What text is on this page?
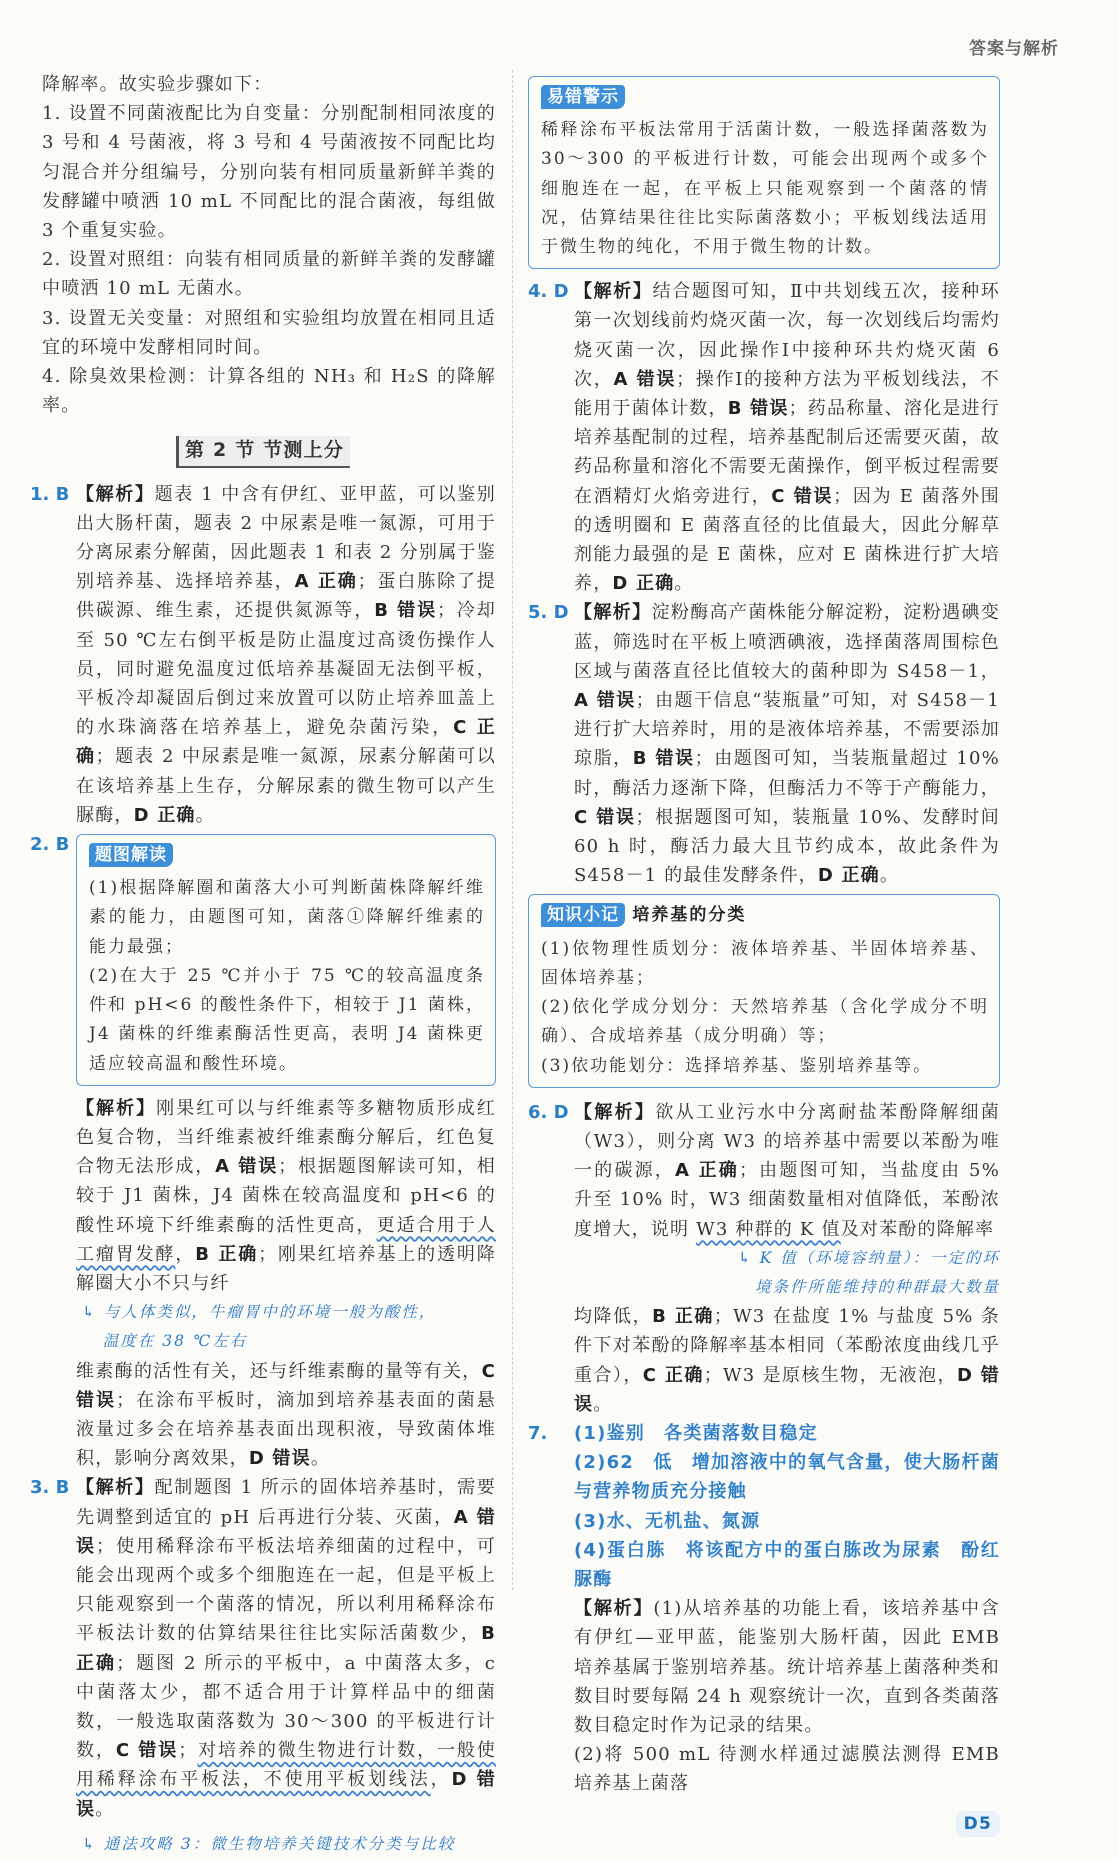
答案与解析

降解率。故实验步骤如下：

1. 设置不同菌液配比为自变量：分别配制相同浓度的 3 号和 4 号菌液，将 3 号和 4 号菌液按不同配比均匀混合并分组编号，分别向装有相同质量新鲜羊粪的发酵罐中喷洒 10 mL 不同配比的混合菌液，每组做 3 个重复实验。

2. 设置对照组：向装有相同质量的新鲜羊粪的发酵罐中喷洒 10 mL 无菌水。

3. 设置无关变量：对照组和实验组均放置在相同且适宜的环境中发酵相同时间。

4. 除臭效果检测：计算各组的 NH₃ 和 H₂S 的降解率。

第 2 节 节测上分
1. B 【解析】题表 1 中含有伊红、亚甲蓝，可以鉴别出大肠杆菌，题表 2 中尿素是唯一氮源，可用于分离尿素分解菌，因此题表 1 和表 2 分别属于鉴别培养基、选择培养基，A 正确；蛋白胨除了提供碳源、维生素，还提供氮源等，B 错误；冷却至 50 ℃左右倒平板是防止温度过高烫伤操作人员，同时避免温度过低培养基凝固无法倒平板，平板冷却凝固后倒过来放置可以防止培养皿盖上的水珠滴落在培养基上，避免杂菌污染，C 正确；题表 2 中尿素是唯一氮源，尿素分解菌可以在该培养基上生存，分解尿素的微生物可以产生脲酶，D 正确。

2. B	题图解读

(1)根据降解圈和菌落大小可判断菌株降解纤维素的能力，由题图可知，菌落①降解纤维素的能力最强；

(2)在大于 25 ℃并小于 75 ℃的较高温度条件和 pH<6 的酸性条件下，相较于 J1 菌株，J4 菌株的纤维素酶活性更高，表明 J4 菌株更适应较高温和酸性环境。

【解析】刚果红可以与纤维素等多糖物质形成红色复合物，当纤维素被纤维素酶分解后，红色复合物无法形成，A 错误；根据题图解读可知，相较于 J1 菌株，J4 菌株在较高温度和 pH<6 的酸性环境下纤维素酶的活性更高，更适合用于人工瘤胃发酵，B 正确；刚果红培养基上的透明降解圈大小不只与纤

↳ 与人体类似，牛瘤胃中的环境一般为酸性，
温度在 38 ℃左右

维素酶的活性有关，还与纤维素酶的量等有关，C 错误；在涂布平板时，滴加到培养基表面的菌悬液量过多会在培养基表面出现积液，导致菌体堆积，影响分离效果，D 错误。

3. B 【解析】配制题图 1 所示的固体培养基时，需要先调整到适宜的 pH 后再进行分装、灭菌，A 错误；使用稀释涂布平板法培养细菌的过程中，可能会出现两个或多个细胞连在一起，但是平板上只能观察到一个菌落的情况，所以利用稀释涂布平板法计数的估算结果往往比实际活菌数少，B 正确；题图 2 所示的平板中，a 中菌落太多，c 中菌落太少，都不适合用于计算样品中的细菌数，一般选取菌落数为 30～300 的平板进行计数，C 错误；对培养的微生物进行计数，一般使用稀释涂布平板法，不使用平板划线法，D 错误。

↳ 通法攻略 3：微生物培养关键技术分类与比较

易错警示

稀释涂布平板法常用于活菌计数，一般选择菌落数为 30～300 的平板进行计数，可能会出现两个或多个细胞连在一起，在平板上只能观察到一个菌落的情况，估算结果往往比实际菌落数小；平板划线法适用于微生物的纯化，不用于微生物的计数。

4. D 【解析】结合题图可知，Ⅱ中共划线五次，接种环第一次划线前灼烧灭菌一次，每一次划线后均需灼烧灭菌一次，因此操作Ⅰ中接种环共灼烧灭菌 6 次，A 错误；操作Ⅰ的接种方法为平板划线法，不能用于菌体计数，B 错误；药品称量、溶化是进行培养基配制的过程，培养基配制后还需要灭菌，故药品称量和溶化不需要无菌操作，倒平板过程需要在酒精灯火焰旁进行，C 错误；因为 E 菌落外围的透明圈和 E 菌落直径的比值最大，因此分解草剂能力最强的是 E 菌株，应对 E 菌株进行扩大培养，D 正确。

5. D 【解析】淀粉酶高产菌株能分解淀粉，淀粉遇碘变蓝，筛选时在平板上喷洒碘液，选择菌落周围棕色区域与菌落直径比值较大的菌种即为 S458－1，A 错误；由题干信息“装瓶量”可知，对 S458－1 进行扩大培养时，用的是液体培养基，不需要添加琼脂，B 错误；由题图可知，当装瓶量超过 10% 时，酶活力逐渐下降，但酶活力不等于产酶能力，C 错误；根据题图可知，装瓶量 10%、发酵时间 60 h 时，酶活力最大且节约成本，故此条件为 S458－1 的最佳发酵条件，D 正确。

知识小记 培养基的分类

(1)依物理性质划分：液体培养基、半固体培养基、固体培养基；

(2)依化学成分划分：天然培养基（含化学成分不明确）、合成培养基（成分明确）等；

(3)依功能划分：选择培养基、鉴别培养基等。

6. D 【解析】欲从工业污水中分离耐盐苯酚降解细菌（W3），则分离 W3 的培养基中需要以苯酚为唯一的碳源，A 正确；由题图可知，当盐度由 5% 升至 10% 时，W3 细菌数量相对值降低，苯酚浓度增大，说明 W3 种群的 K 值及对苯酚的降解率

↳ K 值（环境容纳量）：一定的环
境条件所能维持的种群最大数量

均降低，B 正确；W3 在盐度 1% 与盐度 5% 条件下对苯酚的降解率基本相同（苯酚浓度曲线几乎重合），C 正确；W3 是原核生物，无液泡，D 错误。

7.	(1)鉴别　各类菌落数目稳定

(2)62　低　增加溶液中的氧气含量，使大肠杆菌与营养物质充分接触

(3)水、无机盐、氮源

(4)蛋白胨　将该配方中的蛋白胨改为尿素　酚红　脲酶

【解析】(1)从培养基的功能上看，该培养基中含有伊红—亚甲蓝，能鉴别大肠杆菌，因此 EMB 培养基属于鉴别培养基。统计培养基上菌落种类和数目时要每隔 24 h 观察统计一次，直到各类菌落数目稳定时作为记录的结果。

(2)将 500 mL 待测水样通过滤膜法测得 EMB 培养基上菌落

D5
